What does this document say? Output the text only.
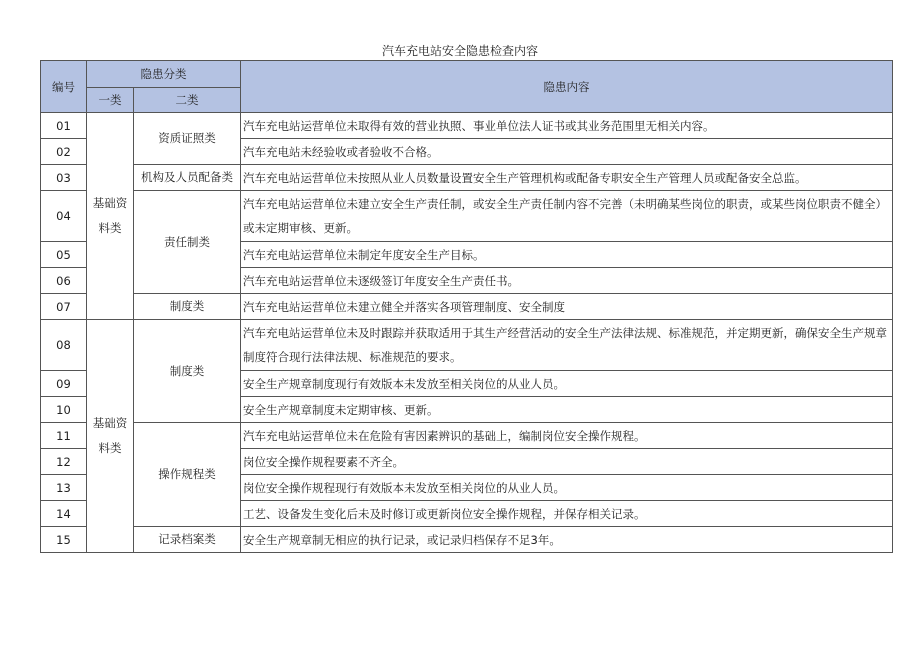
汽车充电站安全隐患检查内容
编号	隐患分类		隐患内容
	一类	二类	
01	基础资料类	资质证照类	汽车充电站运营单位未取得有效的营业执照、事业单位法人证书或其业务范围里无相关内容。
02			汽车充电站未经验收或者验收不合格。
03		机构及人员配备类	汽车充电站运营单位未按照从业人员数量设置安全生产管理机构或配备专职安全生产管理人员或配备安全总监。
04		责任制类	汽车充电站运营单位未建立安全生产责任制，或安全生产责任制内容不完善（未明确某些岗位的职责，或某些岗位职责不健全）或未定期审核、更新。
05			汽车充电站运营单位未制定年度安全生产目标。
06			汽车充电站运营单位未逐级签订年度安全生产责任书。
07		制度类	汽车充电站运营单位未建立健全并落实各项管理制度、安全制度
08	基础资料类	制度类	汽车充电站运营单位未及时跟踪并获取适用于其生产经营活动的安全生产法律法规、标准规范，并定期更新，确保安全生产规章制度符合现行法律法规、标准规范的要求。
09			安全生产规章制度现行有效版本未发放至相关岗位的从业人员。
10			安全生产规章制度未定期审核、更新。
11		操作规程类	汽车充电站运营单位未在危险有害因素辨识的基础上，编制岗位安全操作规程。
12			岗位安全操作规程要素不齐全。
13			岗位安全操作规程现行有效版本未发放至相关岗位的从业人员。
14			工艺、设备发生变化后未及时修订或更新岗位安全操作规程，并保存相关记录。
15		记录档案类	安全生产规章制无相应的执行记录，或记录归档保存不足3年。
